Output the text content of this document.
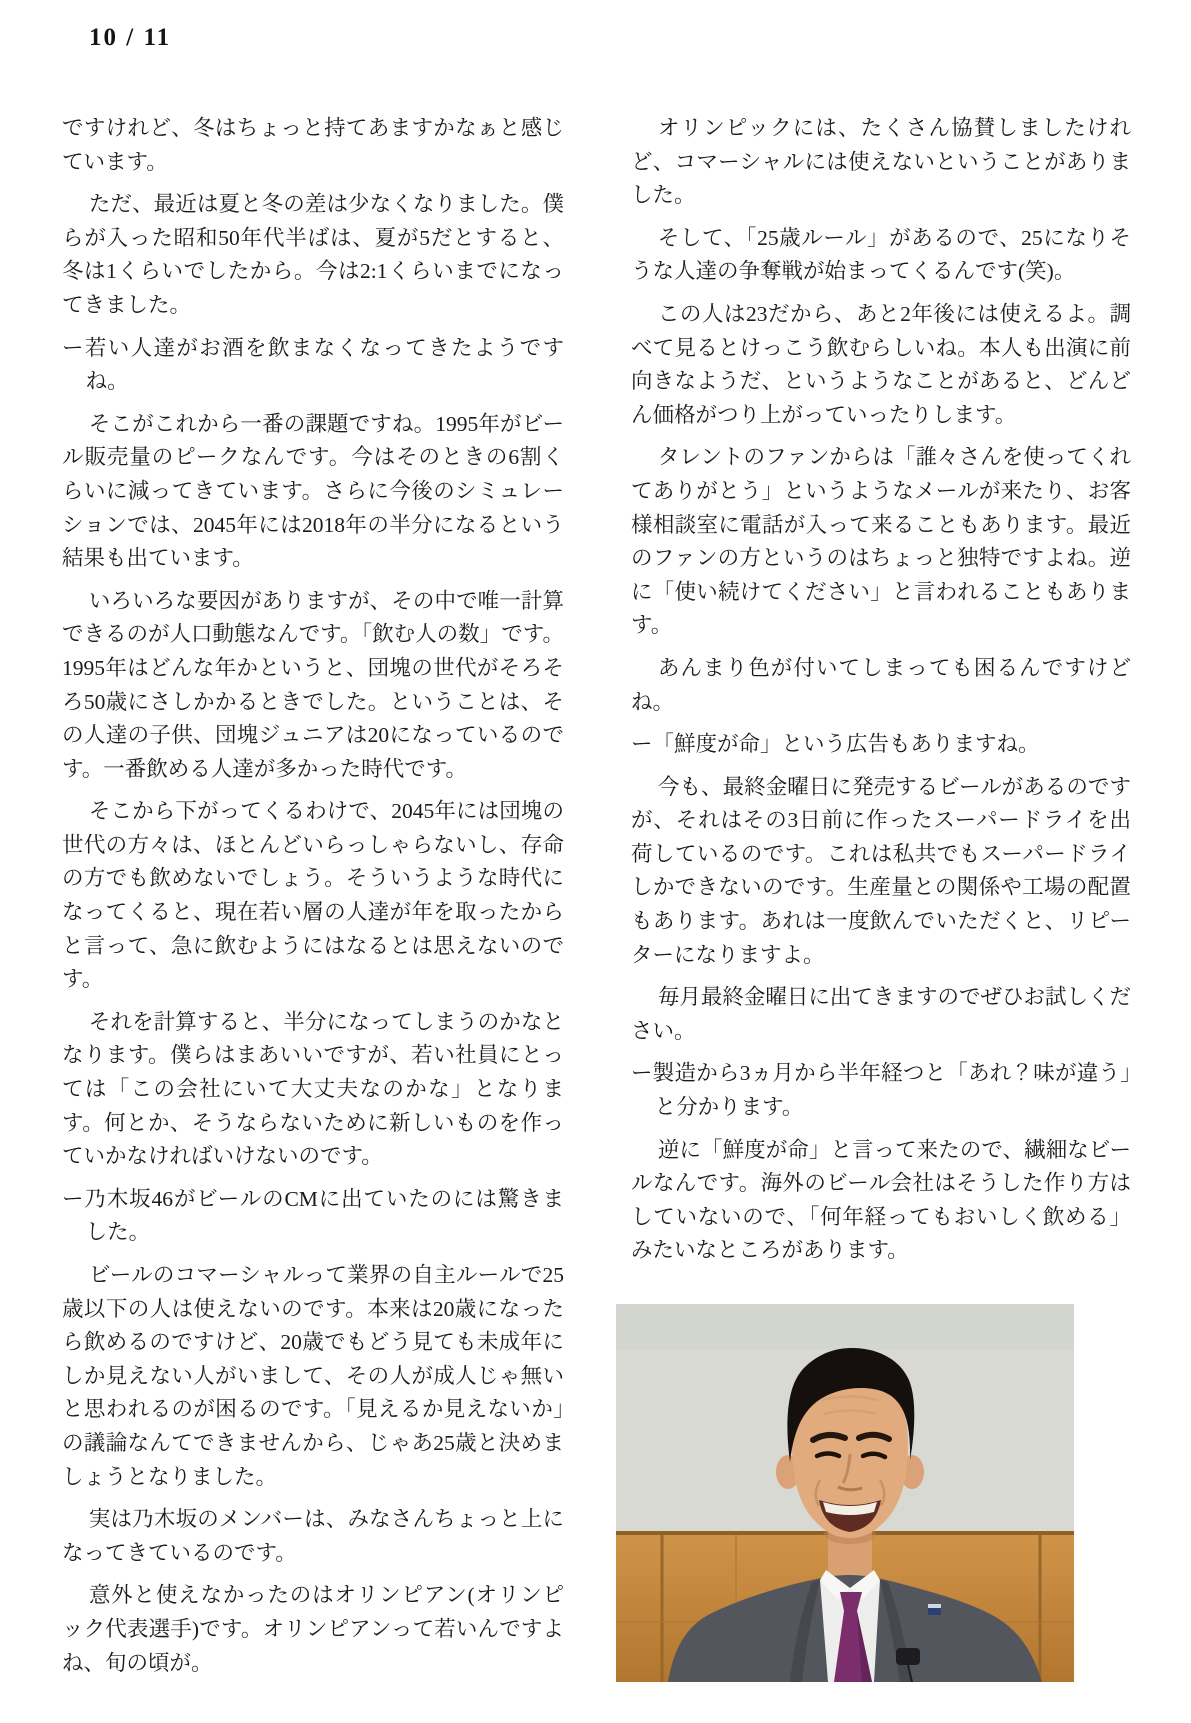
10 / 11

ですけれど、冬はちょっと持てあますかなぁと感じています。

ただ、最近は夏と冬の差は少なくなりました。僕らが入った昭和50年代半ばは、夏が5だとすると、冬は1くらいでしたから。今は2:1くらいまでになってきました。

ー若い人達がお酒を飲まなくなってきたようですね。

そこがこれから一番の課題ですね。1995年がビール販売量のピークなんです。今はそのときの6割くらいに減ってきています。さらに今後のシミュレーションでは、2045年には2018年の半分になるという結果も出ています。

いろいろな要因がありますが、その中で唯一計算できるのが人口動態なんです。「飲む人の数」です。1995年はどんな年かというと、団塊の世代がそろそろ50歳にさしかかるときでした。ということは、その人達の子供、団塊ジュニアは20になっているのです。一番飲める人達が多かった時代です。

そこから下がってくるわけで、2045年には団塊の世代の方々は、ほとんどいらっしゃらないし、存命の方でも飲めないでしょう。そういうような時代になってくると、現在若い層の人達が年を取ったからと言って、急に飲むようにはなるとは思えないのです。

それを計算すると、半分になってしまうのかなとなります。僕らはまあいいですが、若い社員にとっては「この会社にいて大丈夫なのかな」となります。何とか、そうならないために新しいものを作っていかなければいけないのです。

ー乃木坂46がビールのCMに出ていたのには驚きました。

ビールのコマーシャルって業界の自主ルールで25歳以下の人は使えないのです。本来は20歳になったら飲めるのですけど、20歳でもどう見ても未成年にしか見えない人がいまして、その人が成人じゃ無いと思われるのが困るのです。「見えるか見えないか」の議論なんてできませんから、じゃあ25歳と決めましょうとなりました。

実は乃木坂のメンバーは、みなさんちょっと上になってきているのです。

意外と使えなかったのはオリンピアン(オリンピック代表選手)です。オリンピアンって若いんですよね、旬の頃が。

オリンピックには、たくさん協賛しましたけれど、コマーシャルには使えないということがありました。

そして、「25歳ルール」があるので、25になりそうな人達の争奪戦が始まってくるんです(笑)。

この人は23だから、あと2年後には使えるよ。調べて見るとけっこう飲むらしいね。本人も出演に前向きなようだ、というようなことがあると、どんどん価格がつり上がっていったりします。

タレントのファンからは「誰々さんを使ってくれてありがとう」というようなメールが来たり、お客様相談室に電話が入って来ることもあります。最近のファンの方というのはちょっと独特ですよね。逆に「使い続けてください」と言われることもあります。

あんまり色が付いてしまっても困るんですけどね。

ー「鮮度が命」という広告もありますね。

今も、最終金曜日に発売するビールがあるのですが、それはその3日前に作ったスーパードライを出荷しているのです。これは私共でもスーパードライしかできないのです。生産量との関係や工場の配置もあります。あれは一度飲んでいただくと、リピーターになりますよ。

毎月最終金曜日に出てきますのでぜひお試しください。

ー製造から3ヵ月から半年経つと「あれ？味が違う」と分かります。

逆に「鮮度が命」と言って来たので、繊細なビールなんです。海外のビール会社はそうした作り方はしていないので、「何年経ってもおいしく飲める」みたいなところがあります。
